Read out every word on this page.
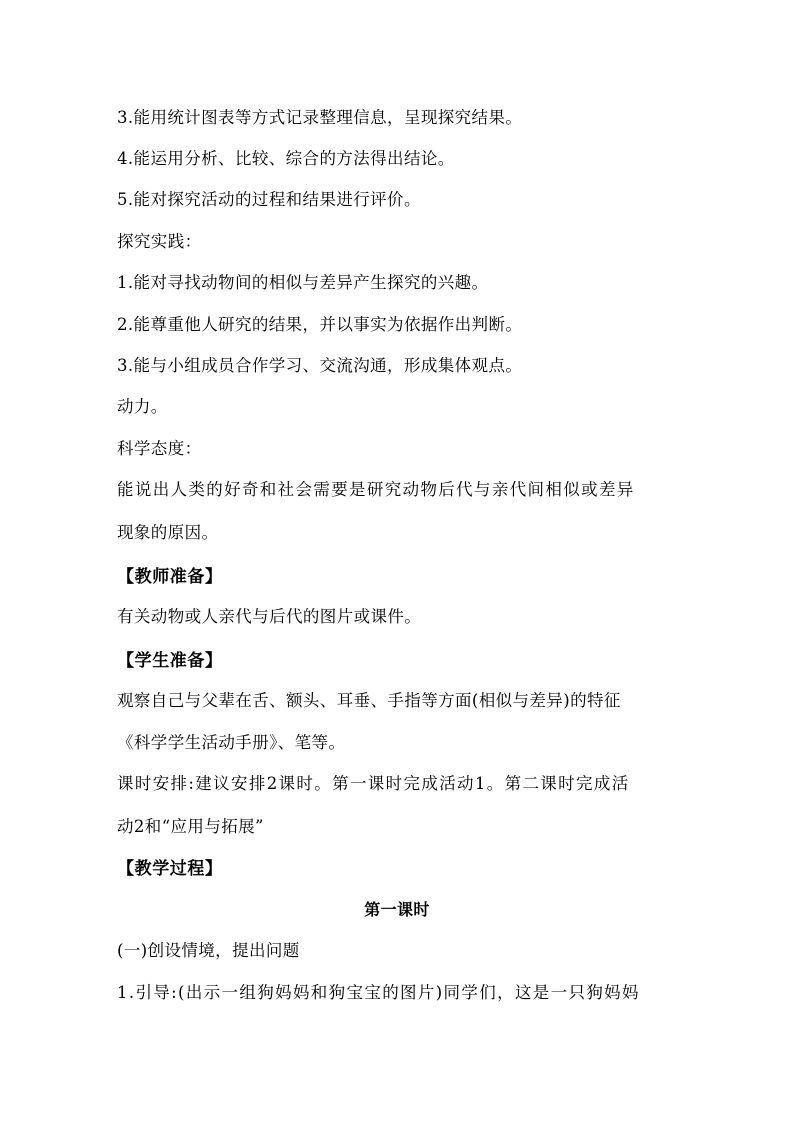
3.能用统计图表等方式记录整理信息，呈现探究结果。
4.能运用分析、比较、综合的方法得出结论。
5.能对探究活动的过程和结果进行评价。
探究实践：
1.能对寻找动物间的相似与差异产生探究的兴趣。
2.能尊重他人研究的结果，并以事实为依据作出判断。
3.能与小组成员合作学习、交流沟通，形成集体观点。
动力。
科学态度：
能说出人类的好奇和社会需要是研究动物后代与亲代间相似或差异
现象的原因。
【教师准备】
有关动物或人亲代与后代的图片或课件。
【学生准备】
观察自己与父辈在舌、额头、耳垂、手指等方面(相似与差异)的特征
《科学学生活动手册》、笔等。
课时安排:建议安排2课时。第一课时完成活动1。第二课时完成活
动2和“应用与拓展”
【教学过程】
第一课时
(一)创设情境，提出问题
1.引导:(出示一组狗妈妈和狗宝宝的图片)同学们，这是一只狗妈妈
